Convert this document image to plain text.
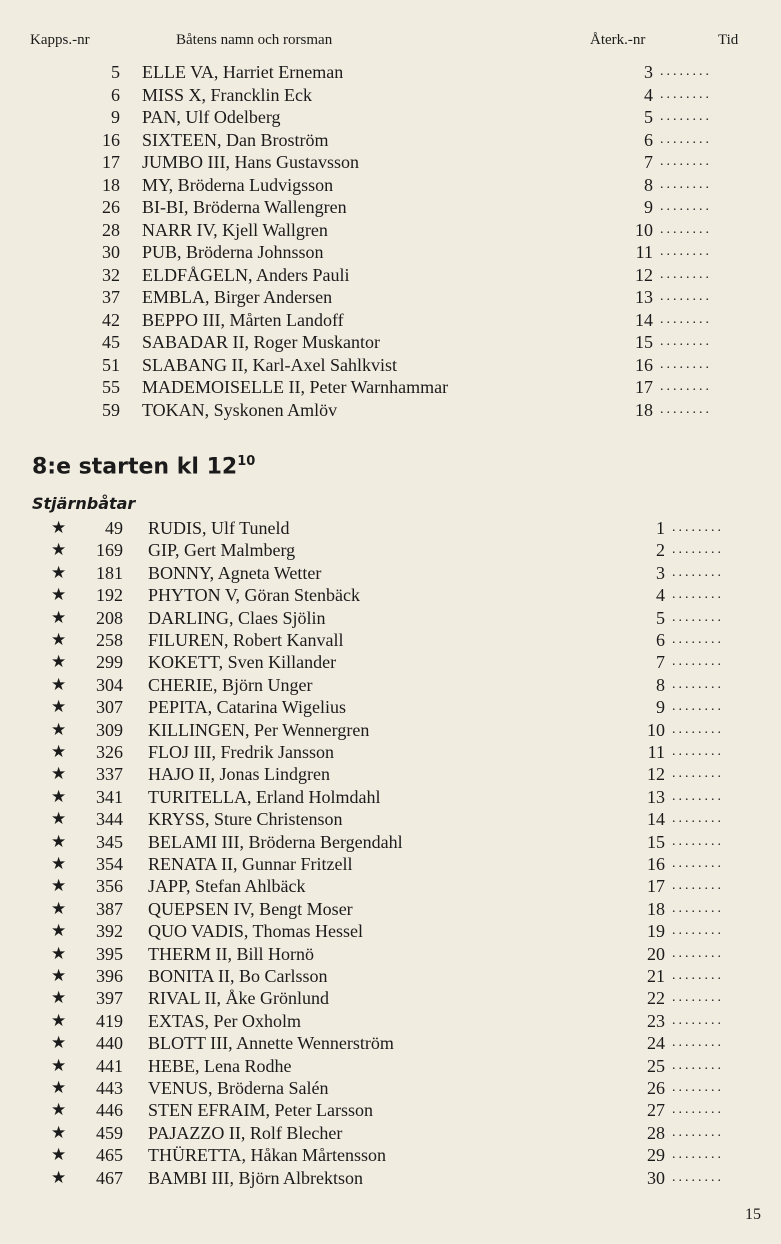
Kapps.-nr	Båtens namn och rorsman	Återk.-nr	Tid
5 ELLE VA, Harriet Erneman	3 ........
6 MISS X, Francklin Eck	4 ........
9 PAN, Ulf Odelberg	5 ........
16 SIXTEEN, Dan Broström	6 ........
17 JUMBO III, Hans Gustavsson	7 ........
18 MY, Bröderna Ludvigsson	8 ........
26 BI-BI, Bröderna Wallengren	9 ........
28 NARR IV, Kjell Wallgren	10 ........
30 PUB, Bröderna Johnsson	11 ........
32 ELDFÅGELN, Anders Pauli	12 ........
37 EMBLA, Birger Andersen	13 ........
42 BEPPO III, Mårten Landoff	14 ........
45 SABADAR II, Roger Muskantor	15 ........
51 SLABANG II, Karl-Axel Sahlkvist	16 ........
55 MADEMOISELLE II, Peter Warnhammar	17 ........
59 TOKAN, Syskonen Amlöv	18 ........
8:e starten kl $12^{10}$
Stjärnbåtar
★ 49 RUDIS, Ulf Tuneld	1 ........
★ 169 GIP, Gert Malmberg	2 ........
★ 181 BONNY, Agneta Wetter	3 ........
★ 192 PHYTON V, Göran Stenbäck	4 ........
★ 208 DARLING, Claes Sjölin	5 ........
★ 258 FILUREN, Robert Kanvall	6 ........
★ 299 KOKETT, Sven Killander	7 ........
★ 304 CHERIE, Björn Unger	8 ........
★ 307 PEPITA, Catarina Wigelius	9 ........
★ 309 KILLINGEN, Per Wennergren	10 ........
★ 326 FLOJ III, Fredrik Jansson	11 ........
★ 337 HAJO II, Jonas Lindgren	12 ........
★ 341 TURITELLA, Erland Holmdahl	13 ........
★ 344 KRYSS, Sture Christenson	14 ........
★ 345 BELAMI III, Bröderna Bergendahl	15 ........
★ 354 RENATA II, Gunnar Fritzell	16 ........
★ 356 JAPP, Stefan Ahlbäck	17 ........
★ 387 QUEPSEN IV, Bengt Moser	18 ........
★ 392 QUO VADIS, Thomas Hessel	19 ........
★ 395 THERM II, Bill Hornö	20 ........
★ 396 BONITA II, Bo Carlsson	21 ........
★ 397 RIVAL II, Åke Grönlund	22 ........
★ 419 EXTAS, Per Oxholm	23 ........
★ 440 BLOTT III, Annette Wennerström	24 ........
★ 441 HEBE, Lena Rodhe	25 ........
★ 443 VENUS, Bröderna Salén	26 ........
★ 446 STEN EFRAIM, Peter Larsson	27 ........
★ 459 PAJAZZO II, Rolf Blecher	28 ........
★ 465 THÜRETTA, Håkan Mårtensson	29 ........
★ 467 BAMBI III, Björn Albrektson	30 ........
15
